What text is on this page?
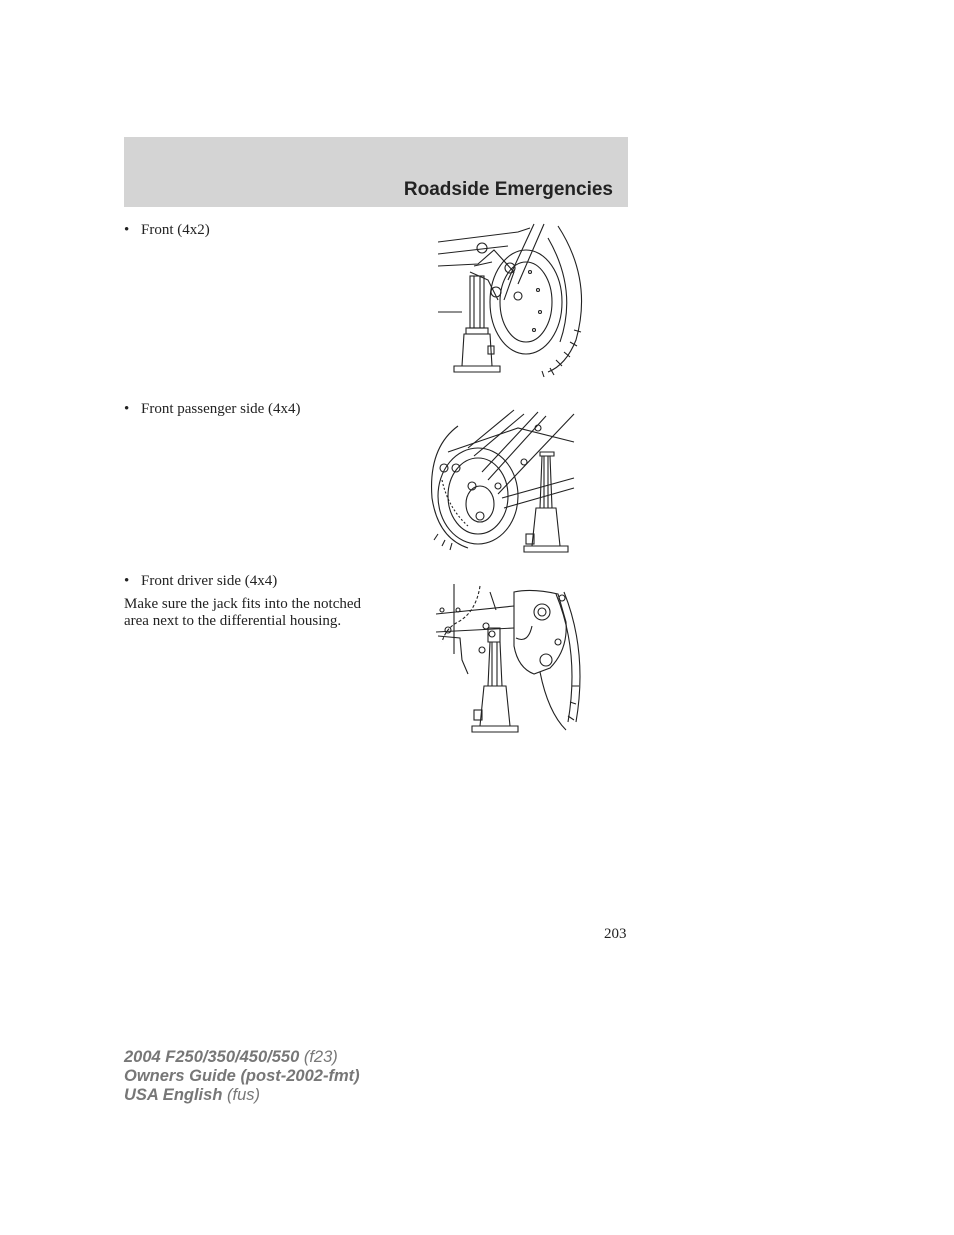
Roadside Emergencies
• Front (4x2)
• Front passenger side (4x4)
• Front driver side (4x4)
Make sure the jack fits into the notched area next to the differential housing.
203
2004 F250/350/450/550 (f23)
Owners Guide (post-2002-fmt)
USA English (fus)
